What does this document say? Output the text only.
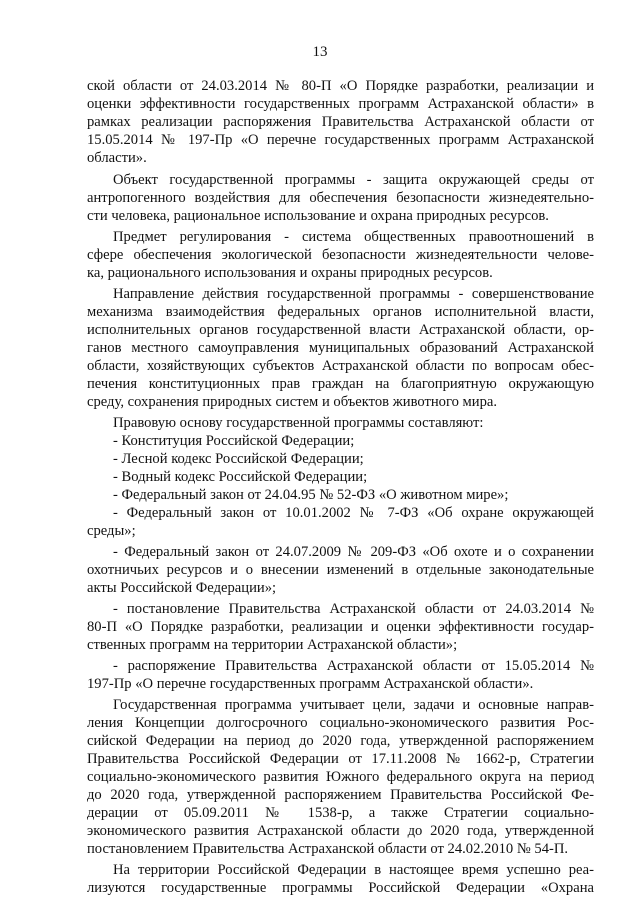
13
ской области от 24.03.2014 № 80-П «О Порядке разработки, реализации и
оценки эффективности государственных программ Астраханской области» в
рамках реализации распоряжения Правительства Астраханской области от
15.05.2014 № 197-Пр «О перечне государственных программ Астраханской
области».
Объект государственной программы - защита окружающей среды от
антропогенного воздействия для обеспечения безопасности жизнедеятельно-
сти человека, рациональное использование и охрана природных ресурсов.
Предмет регулирования - система общественных правоотношений в
сфере обеспечения экологической безопасности жизнедеятельности челове-
ка, рационального использования и охраны природных ресурсов.
Направление действия государственной программы - совершенствование
механизма взаимодействия федеральных органов исполнительной власти,
исполнительных органов государственной власти Астраханской области, ор-
ганов местного самоуправления муниципальных образований Астраханской
области, хозяйствующих субъектов Астраханской области по вопросам обес-
печения конституционных прав граждан на благоприятную окружающую
среду, сохранения природных систем и объектов животного мира.
Правовую основу государственной программы составляют:
- Конституция Российской Федерации;
- Лесной кодекс Российской Федерации;
- Водный кодекс Российской Федерации;
- Федеральный закон от 24.04.95 № 52-ФЗ «О животном мире»;
- Федеральный закон от 10.01.2002 № 7-ФЗ «Об охране окружающей
среды»;
- Федеральный закон от 24.07.2009 № 209-ФЗ «Об охоте и о сохранении
охотничьих ресурсов и о внесении изменений в отдельные законодательные
акты Российской Федерации»;
- постановление Правительства Астраханской области от 24.03.2014 №
80-П «О Порядке разработки, реализации и оценки эффективности государ-
ственных программ на территории Астраханской области»;
- распоряжение Правительства Астраханской области от 15.05.2014 №
197-Пр «О перечне государственных программ Астраханской области».
Государственная программа учитывает цели, задачи и основные направ-
ления Концепции долгосрочного социально-экономического развития Рос-
сийской Федерации на период до 2020 года, утвержденной распоряжением
Правительства Российской Федерации от 17.11.2008 № 1662-р, Стратегии
социально-экономического развития Южного федерального округа на период
до 2020 года, утвержденной распоряжением Правительства Российской Фе-
дерации от 05.09.2011 № 1538-р, а также Стратегии социально-
экономического развития Астраханской области до 2020 года, утвержденной
постановлением Правительства Астраханской области от 24.02.2010 № 54-П.
На территории Российской Федерации в настоящее время успешно реа-
лизуются государственные программы Российской Федерации «Охрана
